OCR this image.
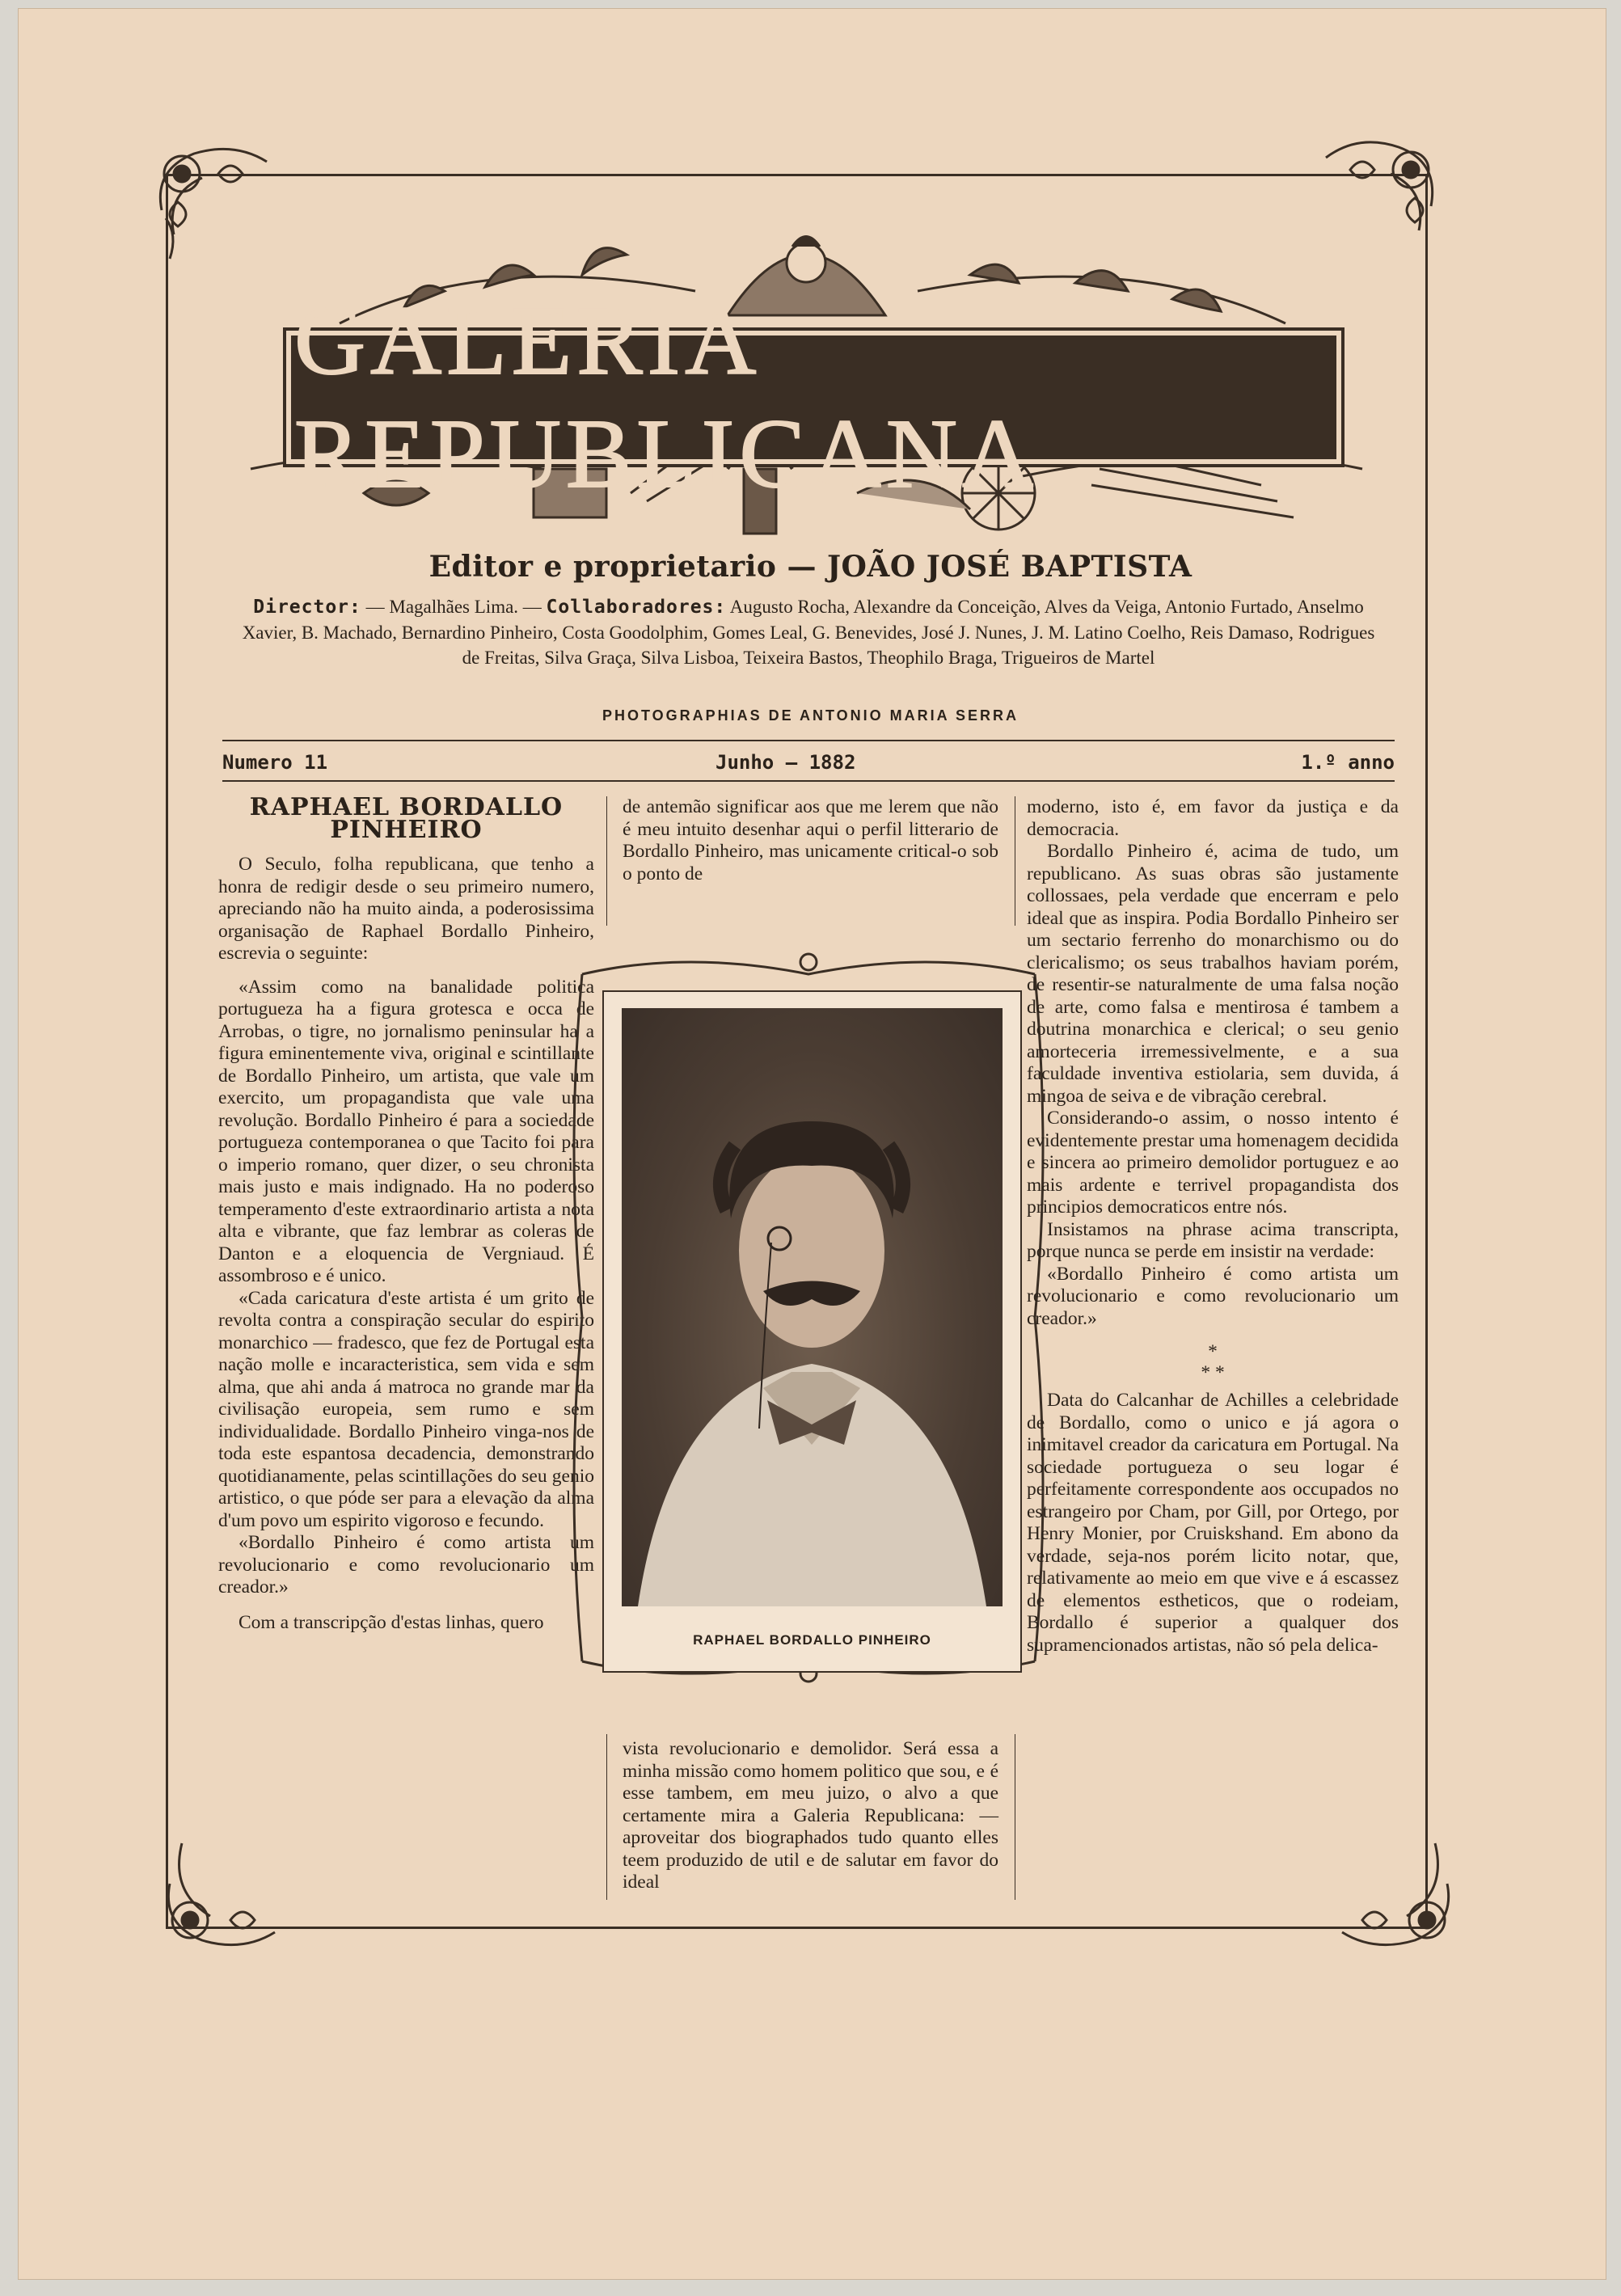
GALERIA REPUBLICANA
Editor e proprietario — JOÃO JOSÉ BAPTISTA
Director: — Magalhães Lima. — Collaboradores: Augusto Rocha, Alexandre da Conceição, Alves da Veiga, Antonio Furtado, Anselmo Xavier, B. Machado, Bernardino Pinheiro, Costa Goodolphim, Gomes Leal, G. Benevides, José J. Nunes, J. M. Latino Coelho, Reis Damaso, Rodrigues de Freitas, Silva Graça, Silva Lisboa, Teixeira Bastos, Theophilo Braga, Trigueiros de Martel
PHOTOGRAPHIAS DE ANTONIO MARIA SERRA
Numero 11	Junho — 1882	1.º anno
RAPHAEL BORDALLO PINHEIRO

O Seculo, folha republicana, que tenho a honra de redigir desde o seu primeiro numero, apreciando não ha muito ainda, a poderosissima organisação de Raphael Bordallo Pinheiro, escrevia o seguinte:

«Assim como na banalidade politica portugueza ha a figura grotesca e occa de Arrobas, o tigre, no jornalismo peninsular ha a figura eminentemente viva, original e scintillante de Bordallo Pinheiro, um artista, que vale um exercito, um propagandista que vale uma revolução. Bordallo Pinheiro é para a sociedade portugueza contemporanea o que Tacito foi para o imperio romano, quer dizer, o seu chronista mais justo e mais indignado. Ha no poderoso temperamento d'este extraordinario artista a nota alta e vibrante, que faz lembrar as coleras de Danton e a eloquencia de Vergniaud. É assombroso e é unico.

«Cada caricatura d'este artista é um grito de revolta contra a conspiração secular do espirito monarchico — fradesco, que fez de Portugal esta nação molle e incaracteristica, sem vida e sem alma, que ahi anda á matroca no grande mar da civilisação europeia, sem rumo e sem individualidade. Bordallo Pinheiro vinga-nos de toda este espantosa decadencia, demonstrando quotidianamente, pelas scintillações do seu genio artistico, o que póde ser para a elevação da alma d'um povo um espirito vigoroso e fecundo.

«Bordallo Pinheiro é como artista um revolucionario e como revolucionario um creador.»

Com a transcripção d'estas linhas, quero

de antemão significar aos que me lerem que não é meu intuito desenhar aqui o perfil litterario de Bordallo Pinheiro, mas unicamente critical-o sob o ponto de

RAPHAEL BORDALLO PINHEIRO

vista revolucionario e demolidor. Será essa a minha missão como homem politico que sou, e é esse tambem, em meu juizo, o alvo a que certamente mira a Galeria Republicana: — aproveitar dos biographados tudo quanto elles teem produzido de util e de salutar em favor do ideal

moderno, isto é, em favor da justiça e da democracia.

Bordallo Pinheiro é, acima de tudo, um republicano. As suas obras são justamente collossaes, pela verdade que encerram e pelo ideal que as inspira. Podia Bordallo Pinheiro ser um sectario ferrenho do monarchismo ou do clericalismo; os seus trabalhos haviam porém, de resentir-se naturalmente de uma falsa noção de arte, como falsa e mentirosa é tambem a doutrina monarchica e clerical; o seu genio amorteceria irremessivelmente, e a sua faculdade inventiva estiolaria, sem duvida, á mingoa de seiva e de vibração cerebral.

Considerando-o assim, o nosso intento é evidentemente prestar uma homenagem decidida e sincera ao primeiro demolidor portuguez e ao mais ardente e terrivel propagandista dos principios democraticos entre nós.

Insistamos na phrase acima transcripta, porque nunca se perde em insistir na verdade:

«Bordallo Pinheiro é como artista um revolucionario e como revolucionario um creador.»

*
* *

Data do Calcanhar de Achilles a celebridade de Bordallo, como o unico e já agora o inimitavel creador da caricatura em Portugal. Na sociedade portugueza o seu logar é perfeitamente correspondente aos occupados no estrangeiro por Cham, por Gill, por Ortego, por Henry Monier, por Cruiskshand. Em abono da verdade, seja-nos porém licito notar, que, relativamente ao meio em que vive e á escassez de elementos estheticos, que o rodeiam, Bordallo é superior a qualquer dos supramencionados artistas, não só pela delica-
